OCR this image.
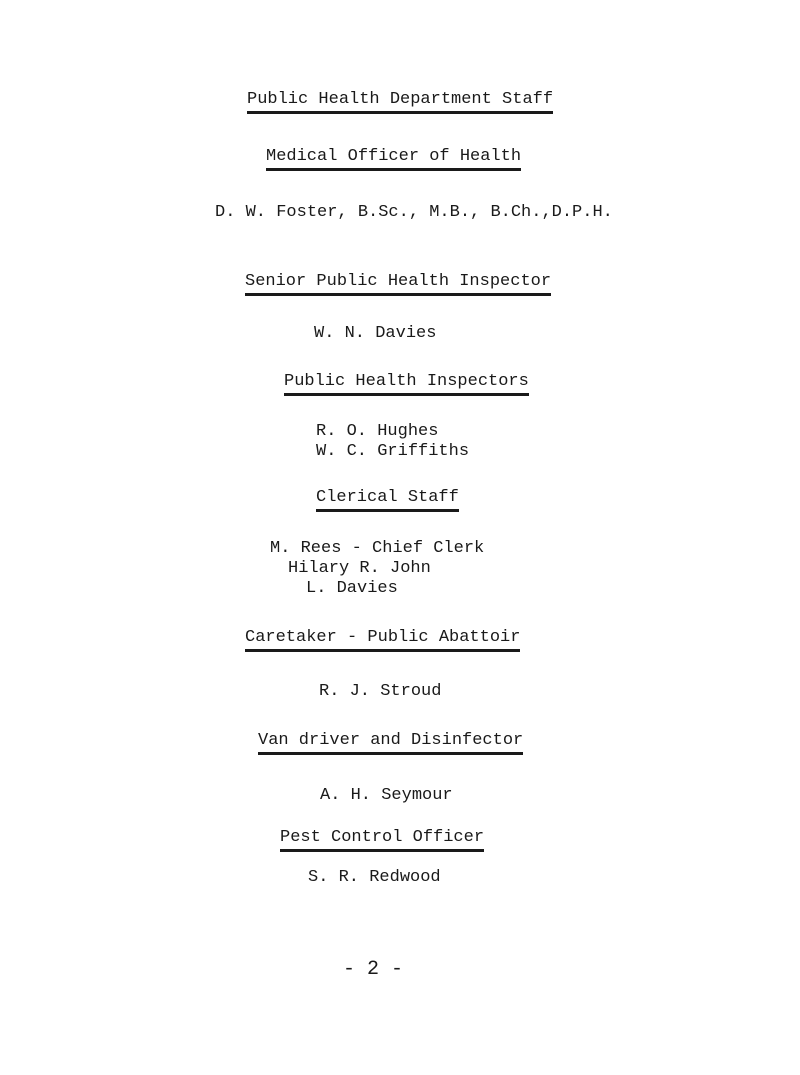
Public Health Department Staff
Medical Officer of Health
D. W. Foster, B.Sc., M.B., B.Ch.,D.P.H.
Senior Public Health Inspector
W. N. Davies
Public Health Inspectors
R. O. Hughes
W. C. Griffiths
Clerical Staff
M. Rees - Chief Clerk
Hilary R. John
L. Davies
Caretaker - Public Abattoir
R. J. Stroud
Van driver and Disinfector
A. H. Seymour
Pest Control Officer
S. R. Redwood
- 2 -
